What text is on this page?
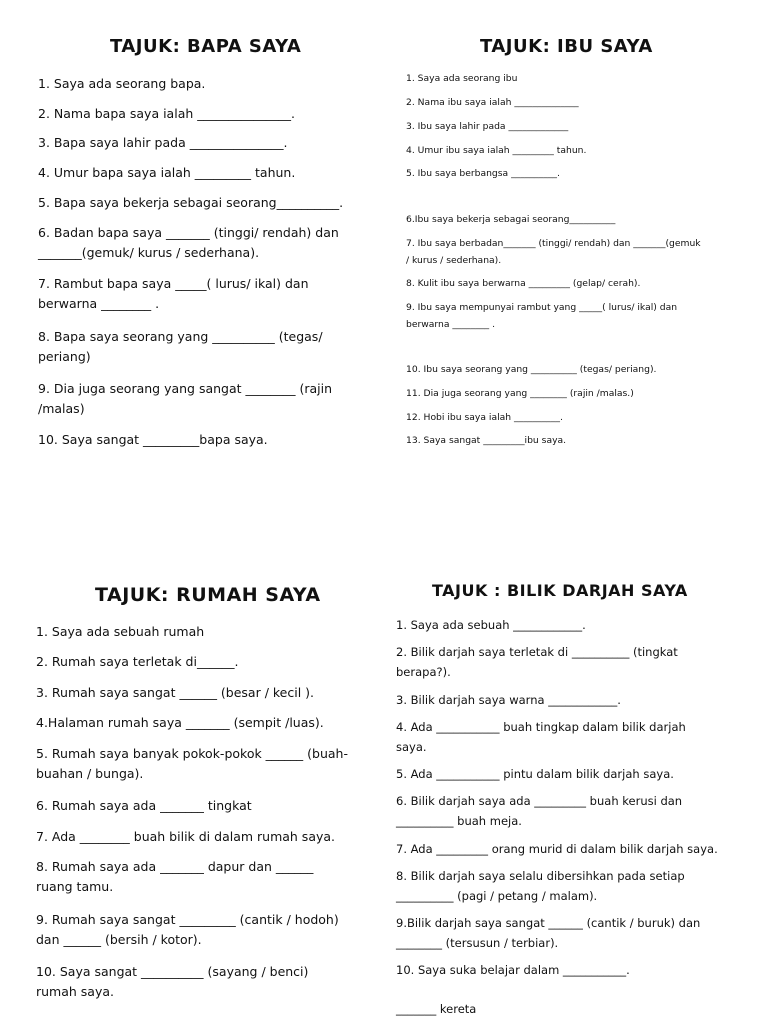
TAJUK: BAPA SAYA
1. Saya ada seorang bapa.
2. Nama bapa saya ialah _______________.
3. Bapa saya lahir pada _______________.
4. Umur bapa saya ialah _________ tahun.
5. Bapa saya bekerja sebagai seorang__________.
6. Badan bapa saya _______ (tinggi/ rendah) dan
_______(gemuk/ kurus / sederhana).
7. Rambut bapa saya _____( lurus/ ikal) dan
berwarna ________ .
8. Bapa saya seorang yang __________ (tegas/
periang)
9. Dia juga seorang yang sangat ________ (rajin
/malas)
10. Saya sangat _________bapa saya.
TAJUK: IBU SAYA
1. Saya ada seorang ibu
2. Nama ibu saya ialah ______________
3. Ibu saya lahir pada _____________
4. Umur ibu saya ialah _________ tahun.
5. Ibu saya berbangsa __________.
6.Ibu saya bekerja sebagai seorang__________
7. Ibu saya berbadan_______ (tinggi/ rendah) dan _______(gemuk
/ kurus / sederhana).
8. Kulit ibu saya berwarna _________ (gelap/ cerah).
9. Ibu saya mempunyai rambut yang _____( lurus/ ikal) dan
berwarna ________ .
10. Ibu saya seorang yang __________ (tegas/ periang).
11. Dia juga seorang yang ________ (rajin /malas.)
12. Hobi ibu saya ialah __________.
13. Saya sangat _________ibu saya.
TAJUK: RUMAH SAYA
1. Saya ada sebuah rumah
2. Rumah saya terletak di______.
3. Rumah saya sangat ______ (besar / kecil ).
4.Halaman rumah saya _______ (sempit /luas).
5. Rumah saya banyak pokok-pokok ______ (buah-
buahan / bunga).
6. Rumah saya ada _______ tingkat
7. Ada ________ buah bilik di dalam rumah saya.
8. Rumah saya ada _______ dapur dan ______
ruang tamu.
9. Rumah saya sangat _________ (cantik / hodoh)
dan ______ (bersih / kotor).
10. Saya sangat __________ (sayang / benci)
rumah saya.
TAJUK : BILIK DARJAH SAYA
1. Saya ada sebuah ____________.
2. Bilik darjah saya terletak di __________ (tingkat
berapa?).
3. Bilik darjah saya warna ____________.
4. Ada ___________ buah tingkap dalam bilik darjah
saya.
5. Ada ___________ pintu dalam bilik darjah saya.
6. Bilik darjah saya ada _________ buah kerusi dan
__________ buah meja.
7. Ada _________ orang murid di dalam bilik darjah saya.
8. Bilik darjah saya selalu dibersihkan pada setiap
__________ (pagi / petang / malam).
9.Bilik darjah saya sangat ______ (cantik / buruk) dan
________ (tersusun / terbiar).
10. Saya suka belajar dalam ___________.
_______ kereta
